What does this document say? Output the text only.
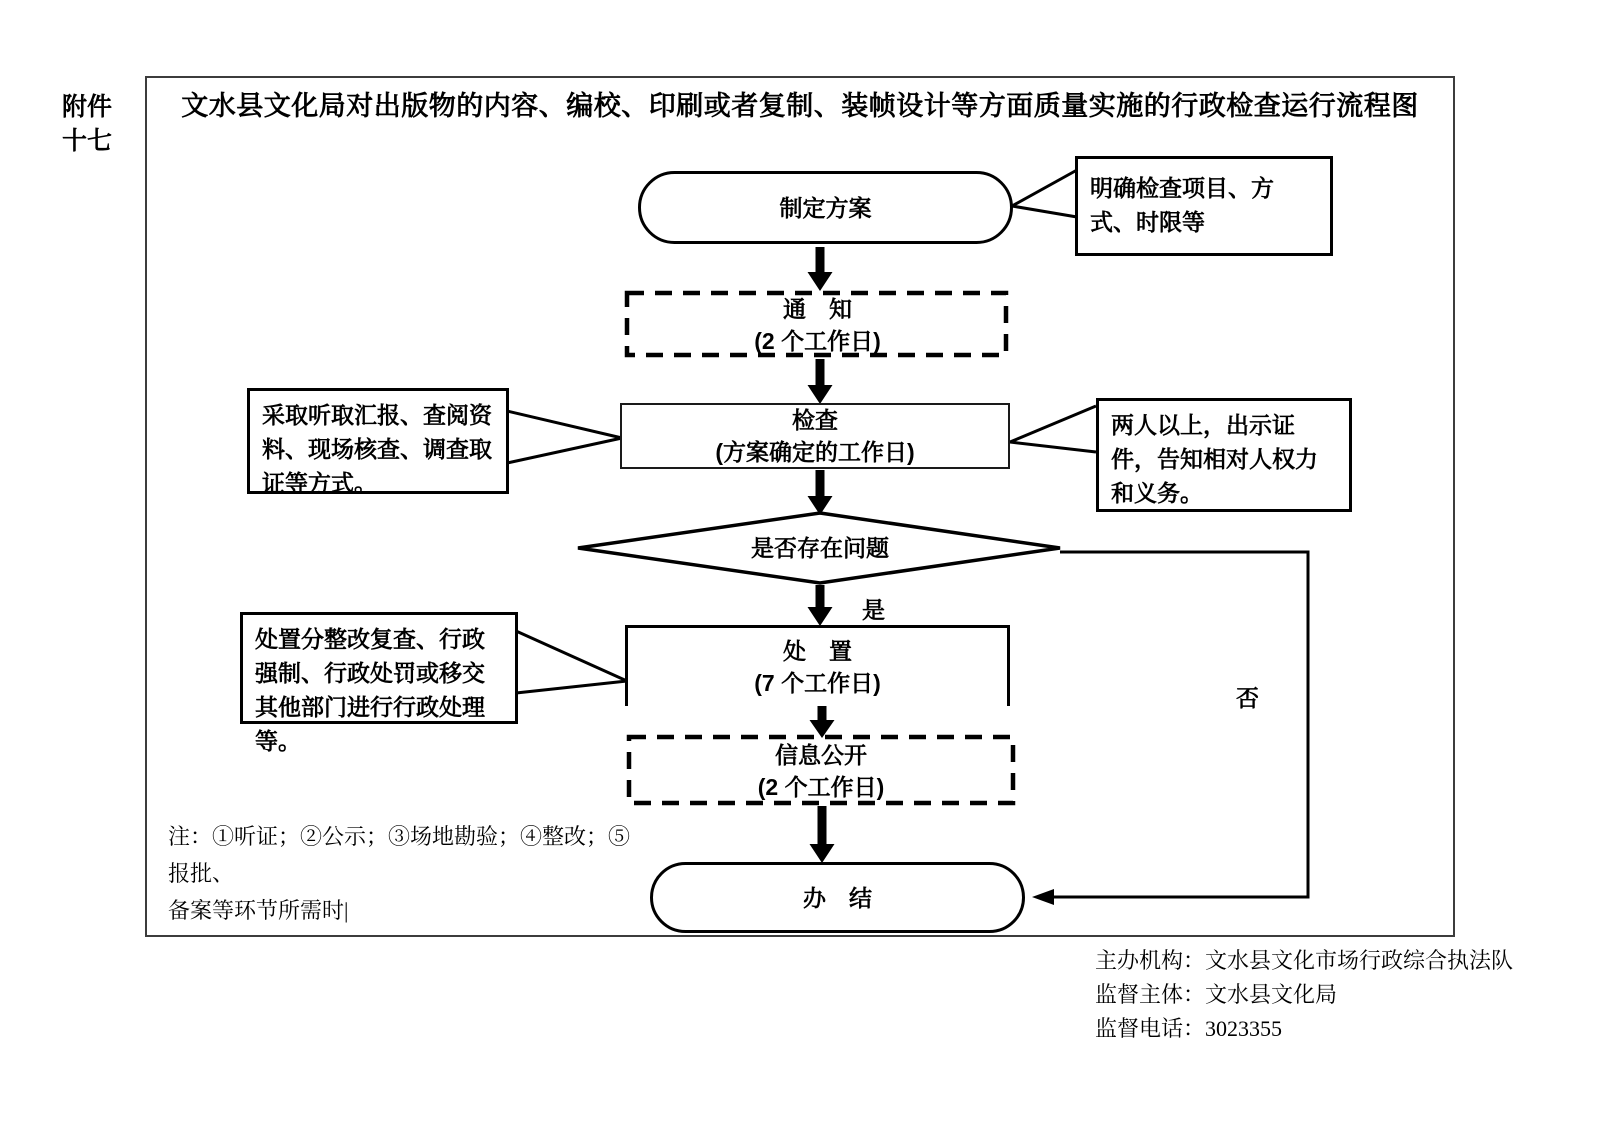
附件
十七
文水县文化局对出版物的内容、编校、印刷或者复制、装帧设计等方面质量实施的行政检查运行流程图
制定方案
通　知
(2 个工作日)
检查
(方案确定的工作日)
是否存在问题
处　置
(7 个工作日)
信息公开
(2 个工作日)
办　结
是
否
明确检查项目、方式、时限等
采取听取汇报、查阅资料、现场核查、调查取证等方式。
两人以上，出示证件，告知相对人权力和义务。
处置分整改复查、行政强制、行政处罚或移交其他部门进行行政处理等。
注：①听证；②公示；③场地勘验；④整改；⑤报批、
备案等环节所需时|
主办机构：文水县文化市场行政综合执法队
监督主体：文水县文化局
监督电话：3023355
